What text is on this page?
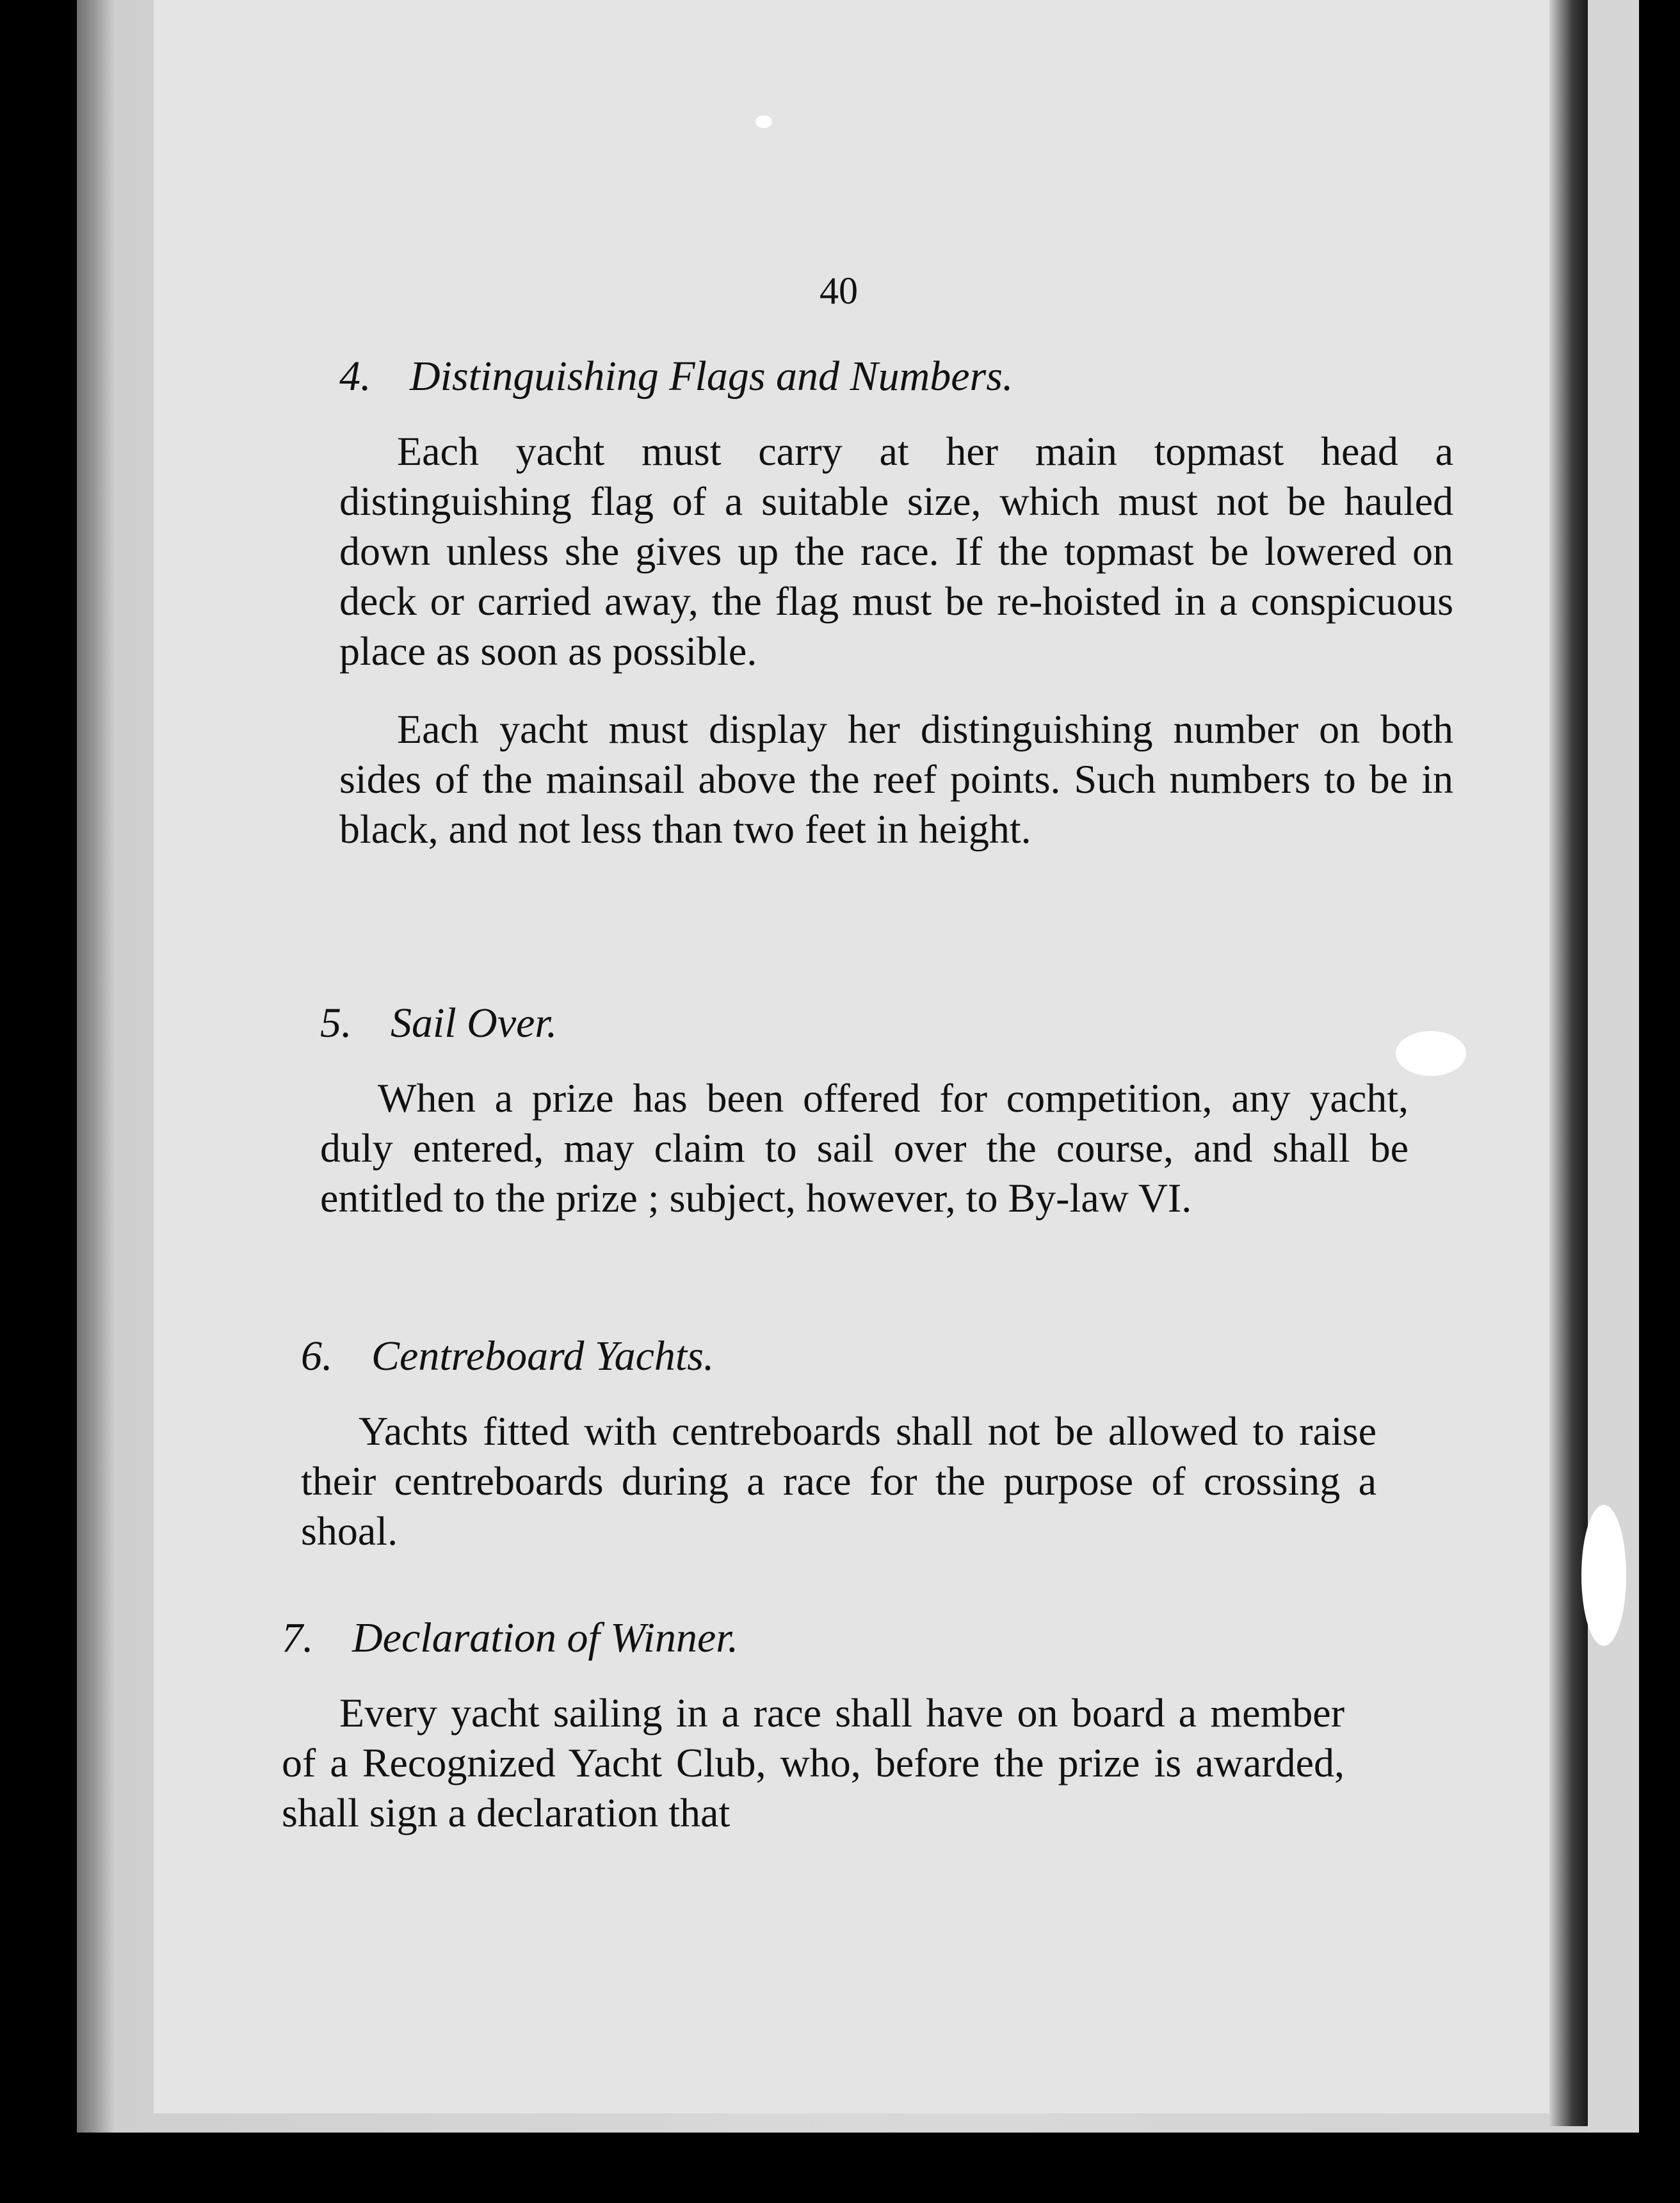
40
4. Distinguishing Flags and Numbers.

Each yacht must carry at her main topmast head a distinguishing flag of a suitable size, which must not be hauled down unless she gives up the race. If the topmast be lowered on deck or carried away, the flag must be re-hoisted in a conspicuous place as soon as possible.

Each yacht must display her distinguishing number on both sides of the mainsail above the reef points. Such numbers to be in black, and not less than two feet in height.

5. Sail Over.

When a prize has been offered for competition, any yacht, duly entered, may claim to sail over the course, and shall be entitled to the prize ; subject, however, to By-law VI.

6. Centreboard Yachts.

Yachts fitted with centreboards shall not be allowed to raise their centreboards during a race for the purpose of crossing a shoal.

7. Declaration of Winner.

Every yacht sailing in a race shall have on board a member of a Recognized Yacht Club, who, before the prize is awarded, shall sign a declaration that
